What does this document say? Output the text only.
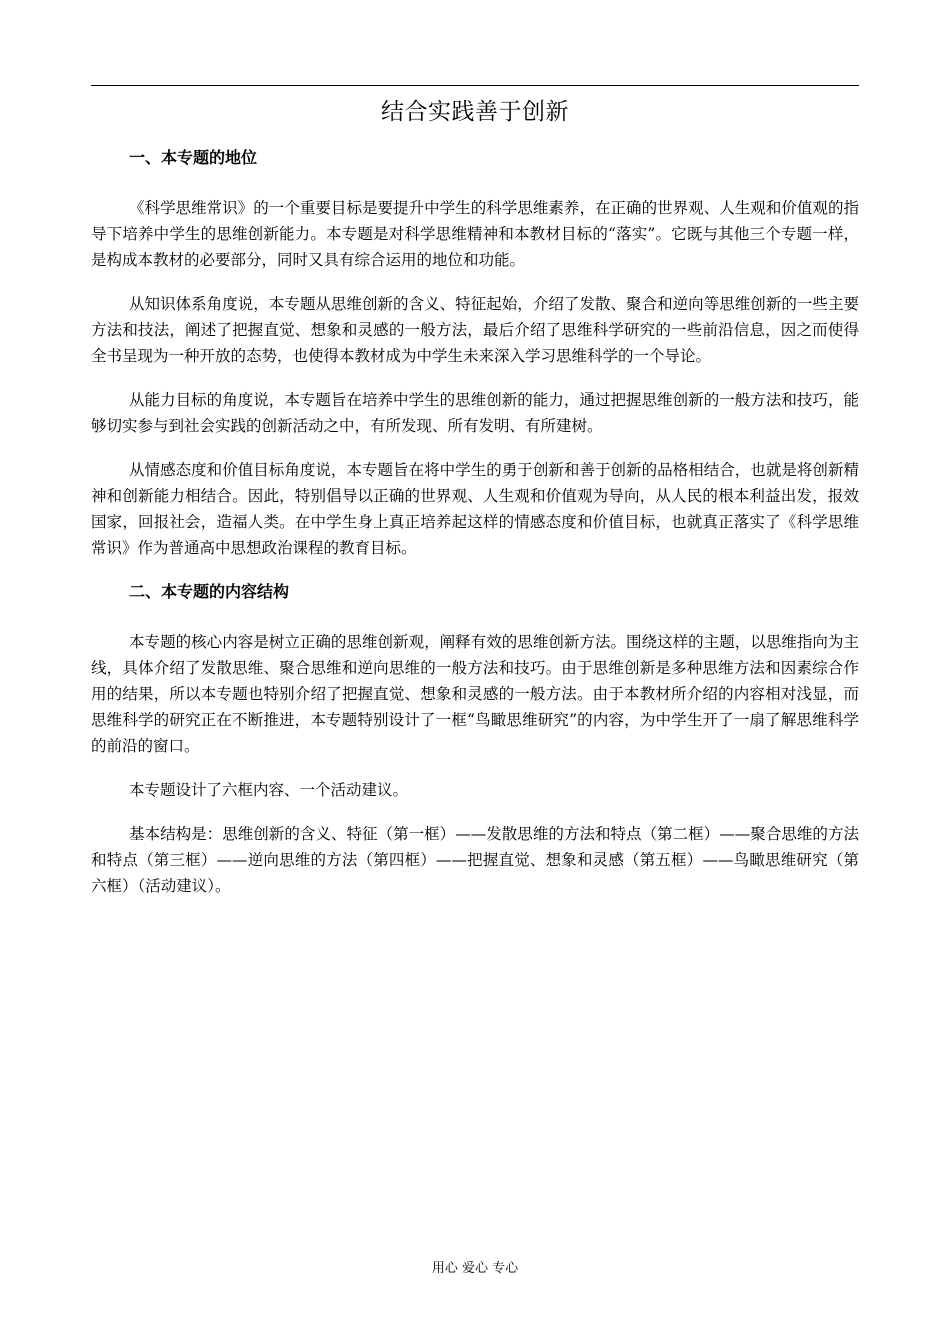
结合实践善于创新
一、本专题的地位

《科学思维常识》的一个重要目标是要提升中学生的科学思维素养，在正确的世界观、人生观和价值观的指导下培养中学生的思维创新能力。本专题是对科学思维精神和本教材目标的“落实”。它既与其他三个专题一样，是构成本教材的必要部分，同时又具有综合运用的地位和功能。

从知识体系角度说，本专题从思维创新的含义、特征起始，介绍了发散、聚合和逆向等思维创新的一些主要方法和技法，阐述了把握直觉、想象和灵感的一般方法，最后介绍了思维科学研究的一些前沿信息，因之而使得全书呈现为一种开放的态势，也使得本教材成为中学生未来深入学习思维科学的一个导论。

从能力目标的角度说，本专题旨在培养中学生的思维创新的能力，通过把握思维创新的一般方法和技巧，能够切实参与到社会实践的创新活动之中，有所发现、所有发明、有所建树。

从情感态度和价值目标角度说，本专题旨在将中学生的勇于创新和善于创新的品格相结合，也就是将创新精神和创新能力相结合。因此，特别倡导以正确的世界观、人生观和价值观为导向，从人民的根本利益出发，报效国家，回报社会，造福人类。在中学生身上真正培养起这样的情感态度和价值目标，也就真正落实了《科学思维常识》作为普通高中思想政治课程的教育目标。

二、本专题的内容结构

本专题的核心内容是树立正确的思维创新观，阐释有效的思维创新方法。围绕这样的主题，以思维指向为主线，具体介绍了发散思维、聚合思维和逆向思维的一般方法和技巧。由于思维创新是多种思维方法和因素综合作用的结果，所以本专题也特别介绍了把握直觉、想象和灵感的一般方法。由于本教材所介绍的内容相对浅显，而思维科学的研究正在不断推进，本专题特别设计了一框“鸟瞰思维研究”的内容，为中学生开了一扇了解思维科学的前沿的窗口。

本专题设计了六框内容、一个活动建议。

基本结构是：思维创新的含义、特征（第一框）——发散思维的方法和特点（第二框）——聚合思维的方法和特点（第三框）——逆向思维的方法（第四框）——把握直觉、想象和灵感（第五框）——鸟瞰思维研究（第六框）（活动建议）。

用心 爱心 专心
